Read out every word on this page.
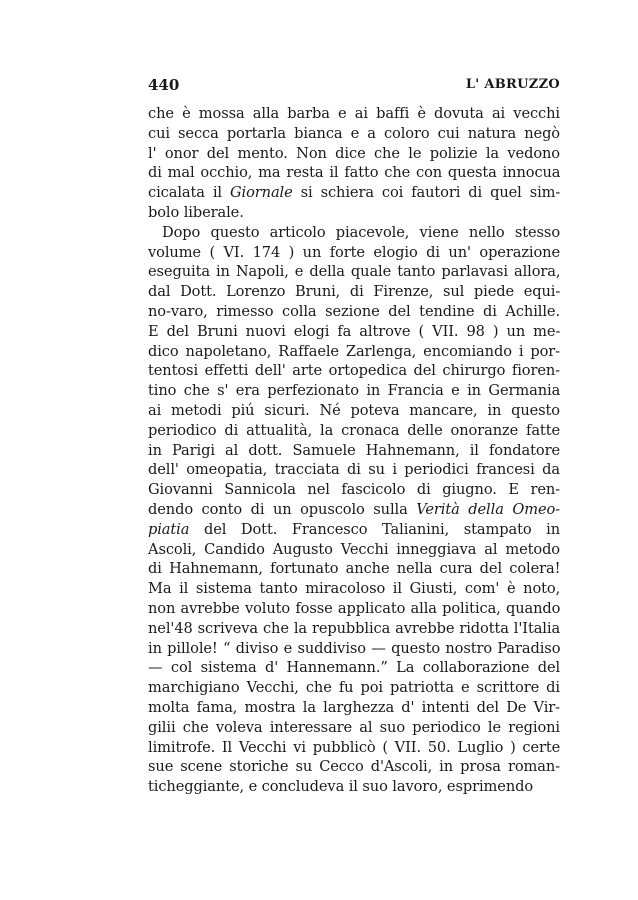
440	L' ABRUZZO
che è mossa alla barba e ai baffi è dovuta ai vecchi
cui secca portarla bianca e a coloro cui natura negò
l' onor del mento. Non dice che le polizie la vedono
di mal occhio, ma resta il fatto che con questa innocua
cicalata il Giornale si schiera coi fautori di quel sim-
bolo liberale.
Dopo questo articolo piacevole, viene nello stesso
volume ( VI. 174 ) un forte elogio di un' operazione
eseguita in Napoli, e della quale tanto parlavasi allora,
dal Dott. Lorenzo Bruni, di Firenze, sul piede equi-
no-varo, rimesso colla sezione del tendine di Achille.
E del Bruni nuovi elogi fa altrove ( VII. 98 ) un me-
dico napoletano, Raffaele Zarlenga, encomiando i por-
tentosi effetti dell' arte ortopedica del chirurgo fioren-
tino che s' era perfezionato in Francia e in Germania
ai metodi piú sicuri. Né poteva mancare, in questo
periodico di attualità, la cronaca delle onoranze fatte
in Parigi al dott. Samuele Hahnemann, il fondatore
dell' omeopatia, tracciata di su i periodici francesi da
Giovanni Sannicola nel fascicolo di giugno. E ren-
dendo conto di un opuscolo sulla Verità della Omeo-
piatia del Dott. Francesco Talianini, stampato in
Ascoli, Candido Augusto Vecchi inneggiava al metodo
di Hahnemann, fortunato anche nella cura del colera!
Ma il sistema tanto miracoloso il Giusti, com' è noto,
non avrebbe voluto fosse applicato alla politica, quando
nel'48 scriveva che la repubblica avrebbe ridotta l'Italia
in pillole! “ diviso e suddiviso — questo nostro Paradiso
— col sistema d' Hannemann.” La collaborazione del
marchigiano Vecchi, che fu poi patriotta e scrittore di
molta fama, mostra la larghezza d' intenti del De Vir-
gilii che voleva interessare al suo periodico le regioni
limitrofe. Il Vecchi vi pubblicò ( VII. 50. Luglio ) certe
sue scene storiche su Cecco d'Ascoli, in prosa roman-
ticheggiante, e concludeva il suo lavoro, esprimendo
